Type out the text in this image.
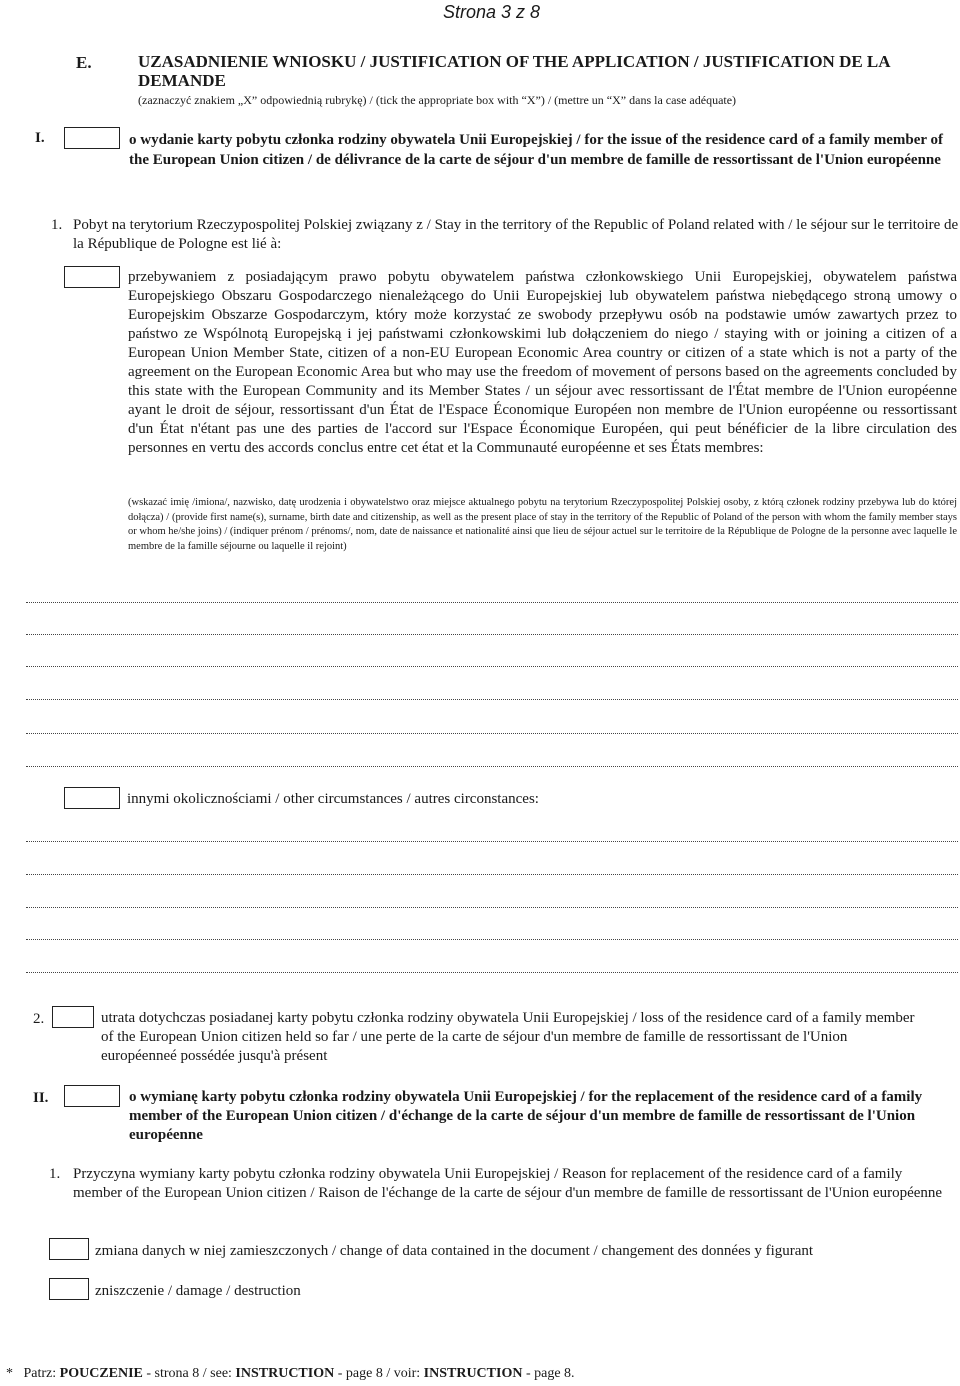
Strona 3 z 8
E.	UZASADNIENIE WNIOSKU / JUSTIFICATION OF THE APPLICATION / JUSTIFICATION DE LA DEMANDE
(zaznaczyć znakiem „X” odpowiednią rubrykę) / (tick the appropriate box with “X”) / (mettre un “X” dans la case adéquate)
I.	o wydanie karty pobytu członka rodziny obywatela Unii Europejskiej / for the issue of the residence card of a family member of the European Union citizen / de délivrance de la carte de séjour d'un membre de famille de ressortissant de l'Union européenne
1. Pobyt na terytorium Rzeczypospolitej Polskiej związany z / Stay in the territory of the Republic of Poland related with / le séjour sur le territoire de la République de Pologne est lié à:
przebywaniem z posiadającym prawo pobytu obywatelem państwa członkowskiego Unii Europejskiej, obywatelem państwa Europejskiego Obszaru Gospodarczego nienależącego do Unii Europejskiej lub obywatelem państwa niebędącego stroną umowy o Europejskim Obszarze Gospodarczym, który może korzystać ze swobody przepływu osób na podstawie umów zawartych przez to państwo ze Wspólnotą Europejską i jej państwami członkowskimi lub dołączeniem do niego / staying with or joining a citizen of a European Union Member State, citizen of a non-EU European Economic Area country or citizen of a state which is not a party of the agreement on the European Economic Area but who may use the freedom of movement of persons based on the agreements concluded by this state with the European Community and its Member States / un séjour avec ressortissant de l'État membre de l'Union européenne ayant le droit de séjour, ressortissant d'un État de l'Espace Économique Européen non membre de l'Union européenne ou ressortissant d'un État n'étant pas une des parties de l'accord sur l'Espace Économique Européen, qui peut bénéficier de la libre circulation des personnes en vertu des accords conclus entre cet état et la Communauté européenne et ses États membres:
(wskazać imię /imiona/, nazwisko, datę urodzenia i obywatelstwo oraz miejsce aktualnego pobytu na terytorium Rzeczypospolitej Polskiej osoby, z którą członek rodziny przebywa lub do której dołącza) / (provide first name(s), surname, birth date and citizenship, as well as the present place of stay in the territory of the Republic of Poland of the person with whom the family member stays or whom he/she joins) / (indiquer prénom / prénoms/, nom, date de naissance et nationalité ainsi que lieu de séjour actuel sur le territoire de la République de Pologne de la personne avec laquelle le membre de la famille séjourne ou laquelle il rejoint)
innymi okolicznościami / other circumstances / autres circonstances:
2.	utrata dotychczas posiadanej karty pobytu członka rodziny obywatela Unii Europejskiej / loss of the residence card of a family member of the European Union citizen held so far / une perte de la carte de séjour d'un membre de famille de ressortissant de l'Union européenneé possédée jusqu'à présent
II.	o wymianę karty pobytu członka rodziny obywatela Unii Europejskiej / for the replacement of the residence card of a family member of the European Union citizen / d'échange de la carte de séjour d'un membre de famille de ressortissant de l'Union européenne
1. Przyczyna wymiany karty pobytu członka rodziny obywatela Unii Europejskiej / Reason for replacement of the residence card of a family member of the European Union citizen / Raison de l'échange de la carte de séjour d'un membre de famille de ressortissant de l'Union européenne
zmiana danych w niej zamieszczonych / change of data contained in the document / changement des données y figurant
zniszczenie / damage / destruction
* Patrz: POUCZENIE - strona 8 / see: INSTRUCTION - page 8 / voir: INSTRUCTION - page 8.
